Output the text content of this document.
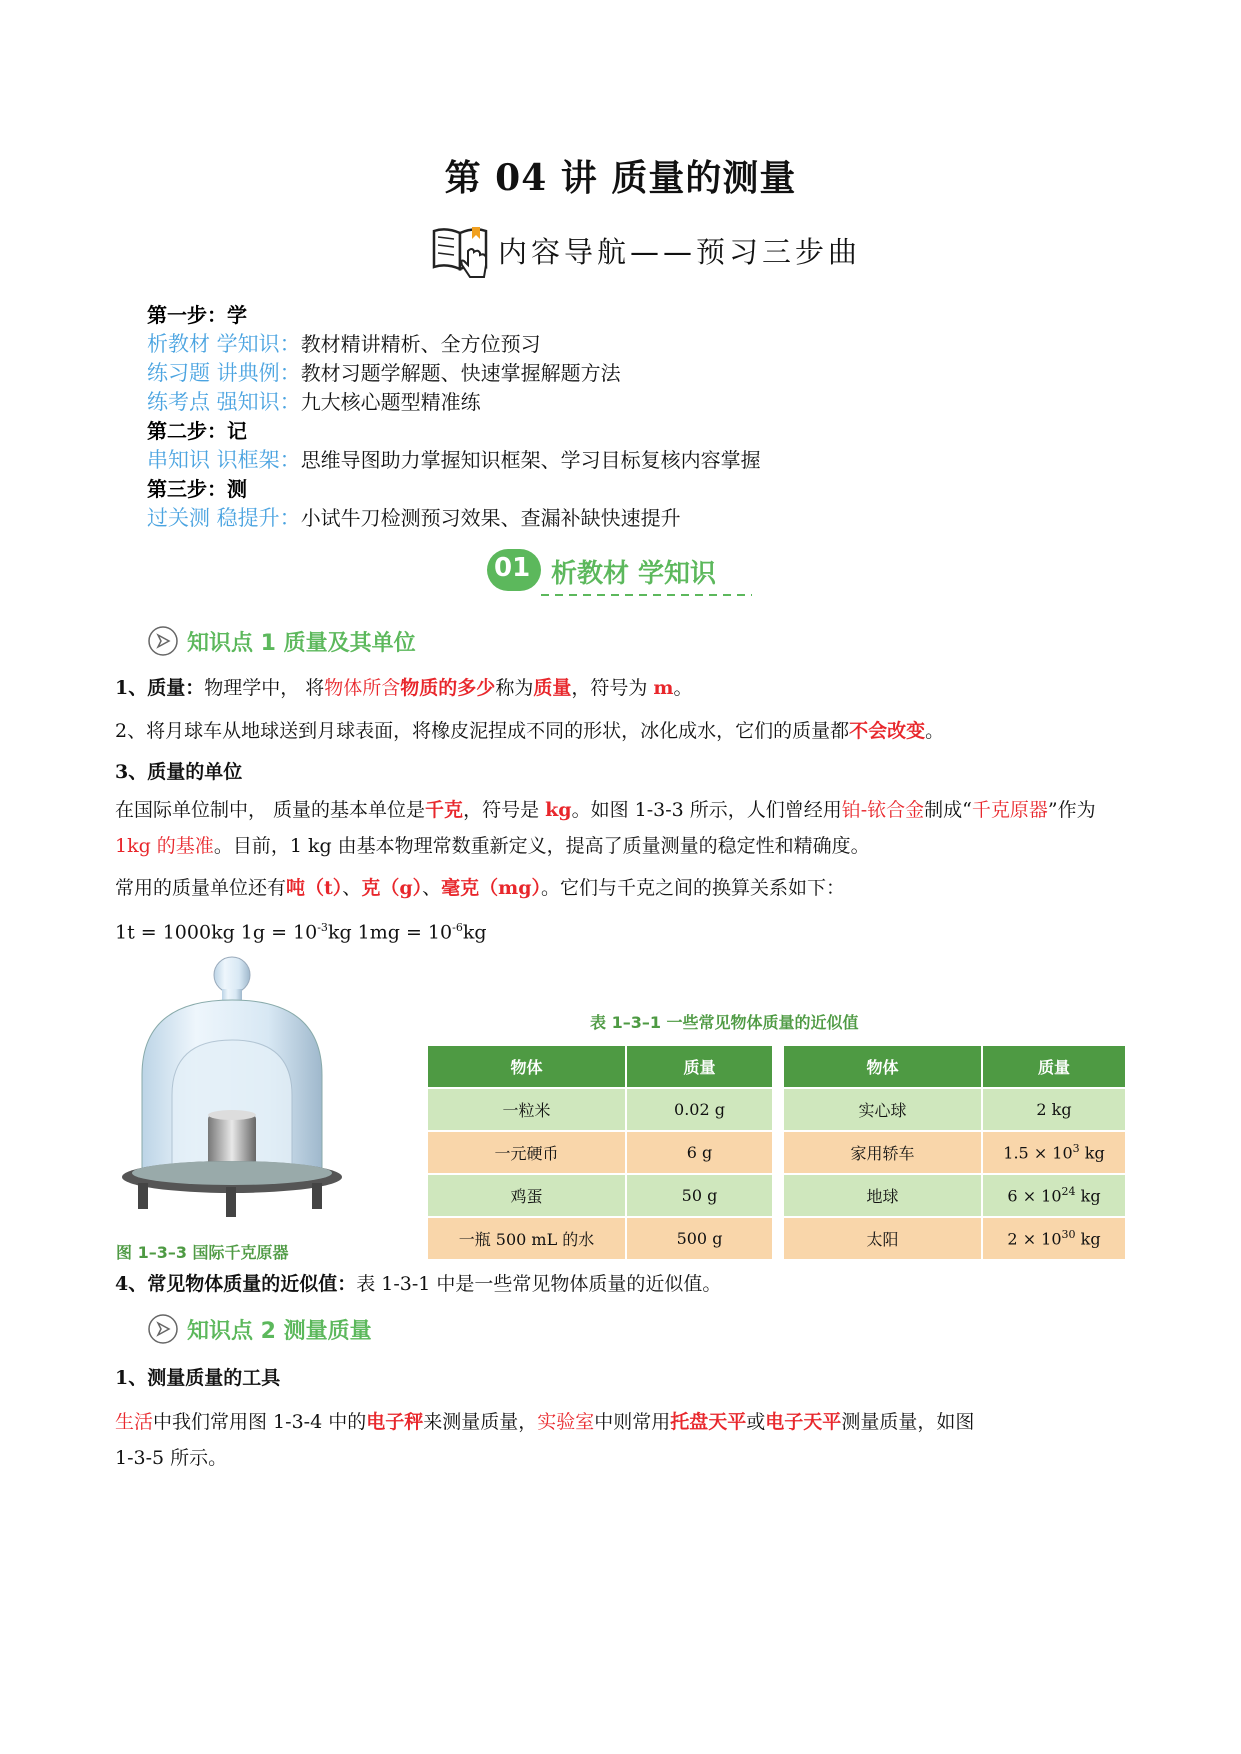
第 04 讲 质量的测量
内容导航——预习三步曲
第一步：学
析教材 学知识：教材精讲精析、全方位预习
练习题 讲典例：教材习题学解题、快速掌握解题方法
练考点 强知识：九大核心题型精准练
第二步：记
串知识 识框架：思维导图助力掌握知识框架、学习目标复核内容掌握
第三步：测
过关测 稳提升：小试牛刀检测预习效果、查漏补缺快速提升
01 析教材 学知识
知识点 1 质量及其单位
1、质量：物理学中， 将物体所含物质的多少称为质量，符号为 m。
2、将月球车从地球送到月球表面，将橡皮泥捏成不同的形状，冰化成水，它们的质量都不会改变。
3、质量的单位
在国际单位制中， 质量的基本单位是千克，符号是 kg。如图 1-3-3 所示，人们曾经用铂-铱合金制成“千克原器”作为 1kg 的基准。目前，1 kg 由基本物理常数重新定义，提高了质量测量的稳定性和精确度。
常用的质量单位还有吨（t）、克（g）、毫克（mg）。它们与千克之间的换算关系如下：
1t = 1000kg $1g = 10^{-3}kg$ $1mg = 10^{-6}kg$
图 1–3–3 国际千克原器
表 1–3–1 一些常见物体质量的近似值
物体	质量		物体	质量
一粒米	0.02 g		实心球	2 kg
一元硬币	6 g		家用轿车	$1.5 \times 10^3$ kg
鸡蛋	50 g		地球	$6 \times 10^{24}$ kg
一瓶 500 mL 的水	500 g		太阳	$2 \times 10^{30}$ kg
4、常见物体质量的近似值：表 1-3-1 中是一些常见物体质量的近似值。
知识点 2 测量质量
1、测量质量的工具
生活中我们常用图 1-3-4 中的电子秤来测量质量，实验室中则常用托盘天平或电子天平测量质量，如图
1-3-5 所示。
